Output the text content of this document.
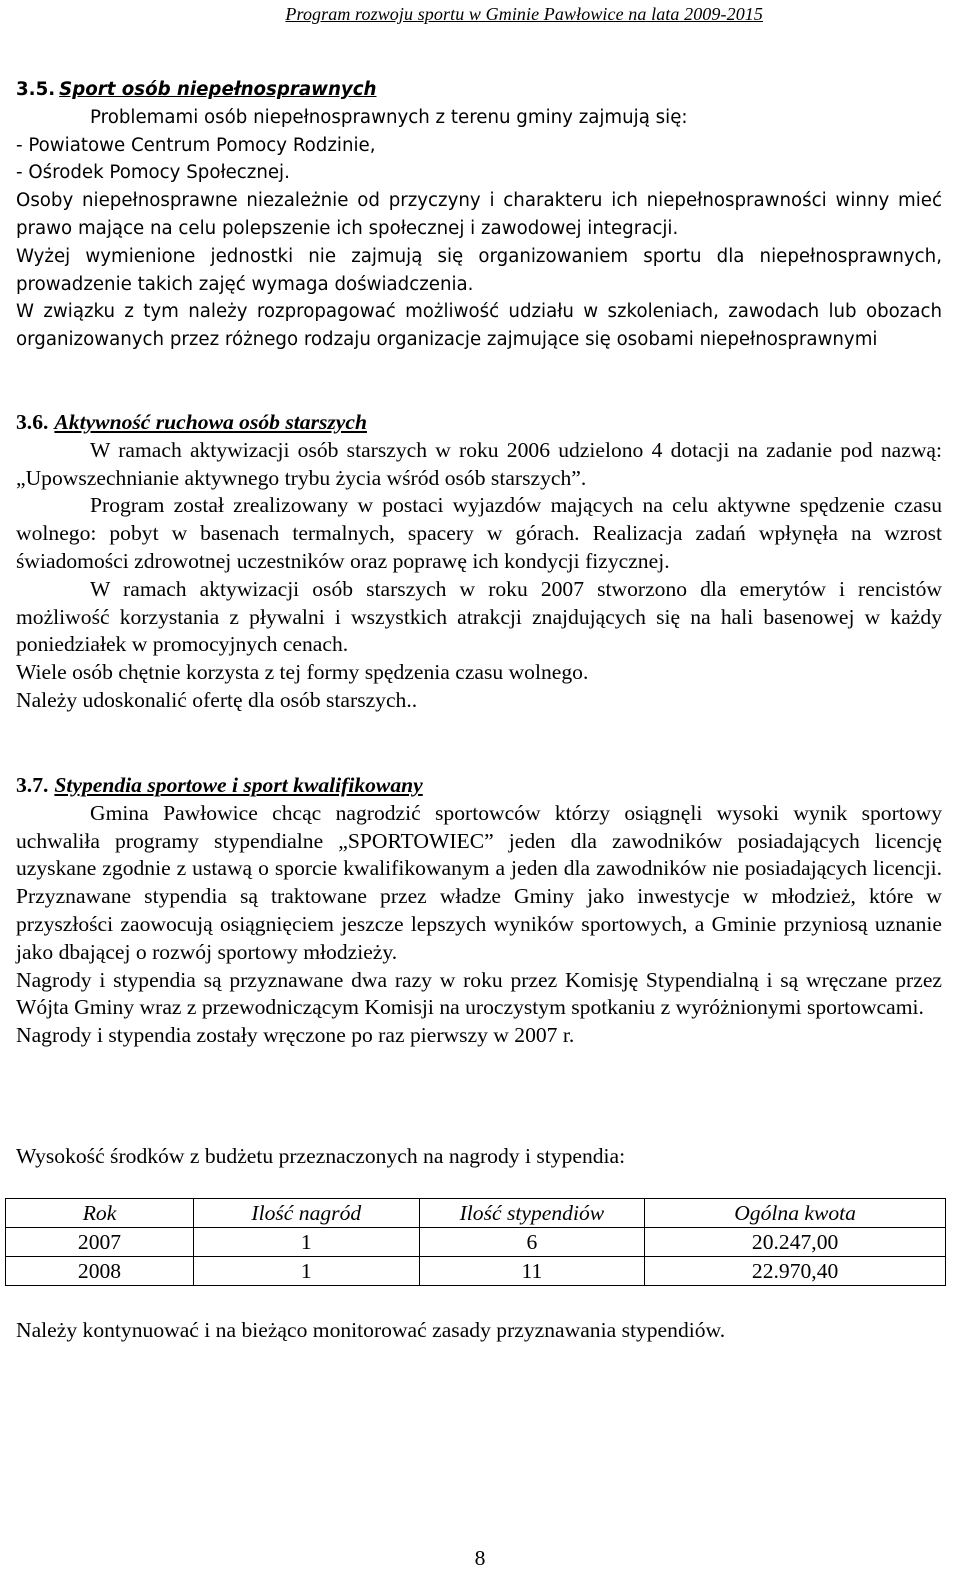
Program rozwoju sportu w Gminie Pawłowice na lata 2009-2015
3.5. Sport osób niepełnosprawnych

Problemami osób niepełnosprawnych z terenu gminy zajmują się:

- Powiatowe Centrum Pomocy Rodzinie,

- Ośrodek Pomocy Społecznej.

Osoby niepełnosprawne niezależnie od przyczyny i charakteru ich niepełnosprawności winny mieć prawo mające na celu polepszenie ich społecznej i zawodowej integracji.

Wyżej wymienione jednostki nie zajmują się organizowaniem sportu dla niepełnosprawnych, prowadzenie takich zajęć wymaga doświadczenia.

W związku z tym należy rozpropagować możliwość udziału w szkoleniach, zawodach lub obozach organizowanych przez różnego rodzaju organizacje zajmujące się osobami niepełnosprawnymi

3.6. Aktywność ruchowa osób starszych

W ramach aktywizacji osób starszych w roku 2006 udzielono 4 dotacji na zadanie pod nazwą: „Upowszechnianie aktywnego trybu życia wśród osób starszych”.

Program został zrealizowany w postaci wyjazdów mających na celu aktywne spędzenie czasu wolnego: pobyt w basenach termalnych, spacery w górach. Realizacja zadań wpłynęła na wzrost świadomości zdrowotnej uczestników oraz poprawę ich kondycji fizycznej.

W ramach aktywizacji osób starszych w roku 2007 stworzono dla emerytów i rencistów możliwość korzystania z pływalni i wszystkich atrakcji znajdujących się na hali basenowej w każdy poniedziałek w promocyjnych cenach.

Wiele osób chętnie korzysta z tej formy spędzenia czasu wolnego.

Należy udoskonalić ofertę dla osób starszych..

3.7. Stypendia sportowe i sport kwalifikowany

Gmina Pawłowice chcąc nagrodzić sportowców którzy osiągnęli wysoki wynik sportowy uchwaliła programy stypendialne „SPORTOWIEC” jeden dla zawodników posiadających licencję uzyskane zgodnie z ustawą o sporcie kwalifikowanym a jeden dla zawodników nie posiadających licencji. Przyznawane stypendia są traktowane przez władze Gminy jako inwestycje w młodzież, które w przyszłości zaowocują osiągnięciem jeszcze lepszych wyników sportowych, a Gminie przyniosą uznanie jako dbającej o rozwój sportowy młodzieży.

Nagrody i stypendia są przyznawane dwa razy w roku przez Komisję Stypendialną i są wręczane przez Wójta Gminy wraz z przewodniczącym Komisji na uroczystym spotkaniu z wyróżnionymi sportowcami.

Nagrody i stypendia zostały wręczone po raz pierwszy w 2007 r.

Wysokość środków z budżetu przeznaczonych na nagrody i stypendia:
Rok	Ilość nagród	Ilość stypendiów	Ogólna kwota
2007	1	6	20.247,00
2008	1	11	22.970,40
Należy kontynuować i na bieżąco monitorować zasady przyznawania stypendiów.
8
